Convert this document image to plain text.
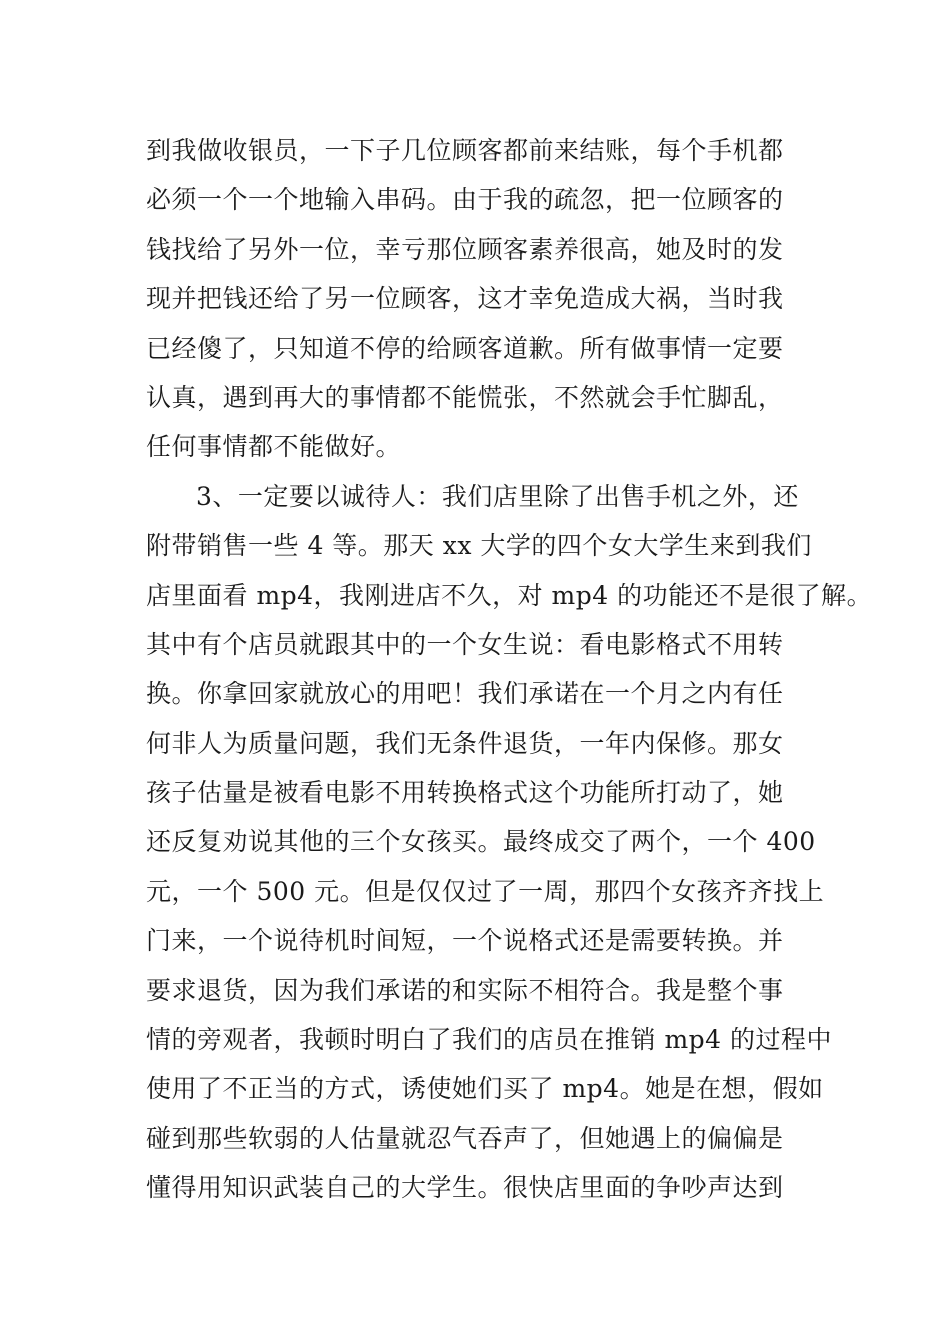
到我做收银员，一下子几位顾客都前来结账，每个手机都
必须一个一个地输入串码。由于我的疏忽，把一位顾客的
钱找给了另外一位，幸亏那位顾客素养很高，她及时的发
现并把钱还给了另一位顾客，这才幸免造成大祸，当时我
已经傻了，只知道不停的给顾客道歉。所有做事情一定要
认真，遇到再大的事情都不能慌张，不然就会手忙脚乱，
任何事情都不能做好。
3、一定要以诚待人：我们店里除了出售手机之外，还
附带销售一些 4 等。那天 xx 大学的四个女大学生来到我们
店里面看 mp4，我刚进店不久，对 mp4 的功能还不是很了解。
其中有个店员就跟其中的一个女生说：看电影格式不用转
换。你拿回家就放心的用吧！我们承诺在一个月之内有任
何非人为质量问题，我们无条件退货，一年内保修。那女
孩子估量是被看电影不用转换格式这个功能所打动了，她
还反复劝说其他的三个女孩买。最终成交了两个，一个 400
元，一个 500 元。但是仅仅过了一周，那四个女孩齐齐找上
门来，一个说待机时间短，一个说格式还是需要转换。并
要求退货，因为我们承诺的和实际不相符合。我是整个事
情的旁观者，我顿时明白了我们的店员在推销 mp4 的过程中
使用了不正当的方式，诱使她们买了 mp4。她是在想，假如
碰到那些软弱的人估量就忍气吞声了，但她遇上的偏偏是
懂得用知识武装自己的大学生。很快店里面的争吵声达到
